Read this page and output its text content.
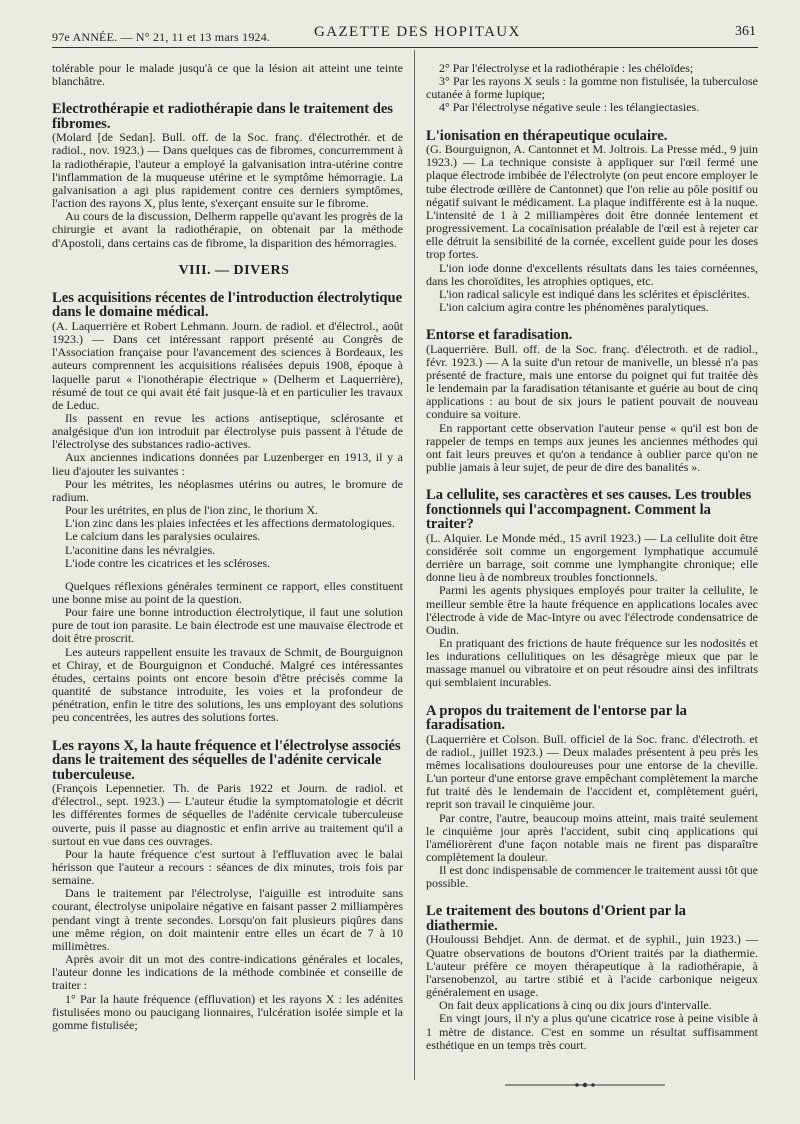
97e ANNÉE. — N° 21, 11 et 13 mars 1924.	GAZETTE DES HOPITAUX	361

tolérable pour le malade jusqu'à ce que la lésion ait atteint une teinte blanchâtre.

Electrothérapie et radiothérapie dans le traitement des fibromes.

(Molard [de Sedan]. Bull. off. de la Soc. franç. d'électrothér. et de radiol., nov. 1923.) — Dans quelques cas de fibromes, concurremment à la radiothérapie, l'auteur a employé la galvanisation intra-utérine contre l'inflammation de la muqueuse utérine et le symptôme hémorragie. La galvanisation a agi plus rapidement contre ces derniers symptômes, l'action des rayons X, plus lente, s'exerçant ensuite sur le fibrome.

Au cours de la discussion, Delherm rappelle qu'avant les progrès de la chirurgie et avant la radiothérapie, on obtenait par la méthode d'Apostoli, dans certains cas de fibrome, la disparition des hémorragies.

VIII. — DIVERS

Les acquisitions récentes de l'introduction électrolytique dans le domaine médical.

(A. Laquerrière et Robert Lehmann. Journ. de radiol. et d'électrol., août 1923.) — Dans cet intéressant rapport présenté au Congrès de l'Association française pour l'avancement des sciences à Bordeaux, les auteurs comprennent les acquisitions réalisées depuis 1908, époque à laquelle parut « l'ionothérapie électrique » (Delherm et Laquerrière), résumé de tout ce qui avait été fait jusque-là et en particulier les travaux de Leduc.

Ils passent en revue les actions antiseptique, sclérosante et analgésique d'un ion introduit par électrolyse puis passent à l'étude de l'électrolyse des substances radio-actives.

Aux anciennes indications données par Luzenberger en 1913, il y a lieu d'ajouter les suivantes :

Pour les métrites, les néoplasmes utérins ou autres, le bromure de radium.

Pour les urétrites, en plus de l'ion zinc, le thorium X.

L'ion zinc dans les plaies infectées et les affections dermatologiques.

Le calcium dans les paralysies oculaires.

L'aconitine dans les névralgies.

L'iode contre les cicatrices et les scléroses.

Quelques réflexions générales terminent ce rapport, elles constituent une bonne mise au point de la question.

Pour faire une bonne introduction électrolytique, il faut une solution pure de tout ion parasite. Le bain électrode est une mauvaise électrode et doit être proscrit.

Les auteurs rappellent ensuite les travaux de Schmit, de Bourguignon et Chiray, et de Bourguignon et Conduché. Malgré ces intéressantes études, certains points ont encore besoin d'être précisés comme la quantité de substance introduite, les voies et la profondeur de pénétration, enfin le titre des solutions, les uns employant des solutions peu concentrées, les autres des solutions fortes.

Les rayons X, la haute fréquence et l'électrolyse associés dans le traitement des séquelles de l'adénite cervicale tuberculeuse.

(François Lepennetier. Th. de Paris 1922 et Journ. de radiol. et d'électrol., sept. 1923.) — L'auteur étudie la symptomatologie et décrit les différentes formes de séquelles de l'adénite cervicale tuberculeuse ouverte, puis il passe au diagnostic et enfin arrive au traitement qu'il a surtout en vue dans ces ouvrages.

Pour la haute fréquence c'est surtout à l'effluvation avec le balai hérisson que l'auteur a recours : séances de dix minutes, trois fois par semaine.

Dans le traitement par l'électrolyse, l'aiguille est introduite sans courant, électrolyse unipolaire négative en faisant passer 2 milliampères pendant vingt à trente secondes. Lorsqu'on fait plusieurs piqûres dans une même région, on doit maintenir entre elles un écart de 7 à 10 millimètres.

Après avoir dit un mot des contre-indications générales et locales, l'auteur donne les indications de la méthode combinée et conseille de traiter :

1° Par la haute fréquence (effluvation) et les rayons X : les adénites fistulisées mono ou paucigang lionnaires, l'ulcération isolée simple et la gomme fistulisée;

2° Par l'électrolyse et la radiothérapie : les chéloïdes;

3° Par les rayons X seuls : la gomme non fistulisée, la tuberculose cutanée à forme lupique;

4° Par l'électrolyse négative seule : les télangiectasies.

L'ionisation en thérapeutique oculaire.

(G. Bourguignon, A. Cantonnet et M. Joltrois. La Presse méd., 9 juin 1923.) — La technique consiste à appliquer sur l'œil fermé une plaque électrode imbibée de l'électrolyte (on peut encore employer le tube électrode œillère de Cantonnet) que l'on relie au pôle positif ou négatif suivant le médicament. La plaque indifférente est à la nuque. L'intensité de 1 à 2 milliampères doit être donnée lentement et progressivement. La cocaïnisation préalable de l'œil est à rejeter car elle détruit la sensibilité de la cornée, excellent guide pour les doses trop fortes.

L'ion iode donne d'excellents résultats dans les taies cornéennes, dans les choroïdites, les atrophies optiques, etc.

L'ion radical salicyle est indiqué dans les sclérites et épisclérites.

L'ion calcium agira contre les phénomènes paralytiques.

Entorse et faradisation.

(Laquerrière. Bull. off. de la Soc. franç. d'électroth. et de radiol., févr. 1923.) — A la suite d'un retour de manivelle, un blessé n'a pas présenté de fracture, mais une entorse du poignet qui fut traitée dès le lendemain par la faradisation tétanisante et guérie au bout de cinq applications : au bout de six jours le patient pouvait de nouveau conduire sa voiture.

En rapportant cette observation l'auteur pense « qu'il est bon de rappeler de temps en temps aux jeunes les anciennes méthodes qui ont fait leurs preuves et qu'on a tendance à oublier parce qu'on ne publie jamais à leur sujet, de peur de dire des banalités ».

La cellulite, ses caractères et ses causes. Les troubles fonctionnels qui l'accompagnent. Comment la traiter?

(L. Alquier. Le Monde méd., 15 avril 1923.) — La cellulite doit être considérée soit comme un engorgement lymphatique accumulé derrière un barrage, soit comme une lymphangite chronique; elle donne lieu à de nombreux troubles fonctionnels.

Parmi les agents physiques employés pour traiter la cellulite, le meilleur semble être la haute fréquence en applications locales avec l'électrode à vide de Mac-Intyre ou avec l'électrode condensatrice de Oudin.

En pratiquant des frictions de haute fréquence sur les nodosités et les indurations cellulitiques on les désagrège mieux que par le massage manuel ou vibratoire et on peut résoudre ainsi des infiltrats qui semblaient incurables.

A propos du traitement de l'entorse par la faradisation.

(Laquerrière et Colson. Bull. officiel de la Soc. franc. d'électroth. et de radiol., juillet 1923.) — Deux malades présentent à peu près les mêmes localisations douloureuses pour une entorse de la cheville. L'un porteur d'une entorse grave empêchant complètement la marche fut traité dès le lendemain de l'accident et, complètement guéri, reprit son travail le cinquième jour.

Par contre, l'autre, beaucoup moins atteint, mais traité seulement le cinquième jour après l'accident, subit cinq applications qui l'améliorèrent d'une façon notable mais ne firent pas disparaître complètement la douleur.

Il est donc indispensable de commencer le traitement aussi tôt que possible.

Le traitement des boutons d'Orient par la diathermie.

(Houloussi Behdjet. Ann. de dermat. et de syphil., juin 1923.) — Quatre observations de boutons d'Orient traités par la diathermie. L'auteur préfère ce moyen thérapeutique à la radiothérapie, à l'arsenobenzol, au tartre stibié et à l'acide carbonique neigeux généralement en usage.

On fait deux applications à cinq ou dix jours d'intervalle.

En vingt jours, il n'y a plus qu'une cicatrice rose à peine visible à 1 mètre de distance. C'est en somme un résultat suffisamment esthétique en un temps très court.
